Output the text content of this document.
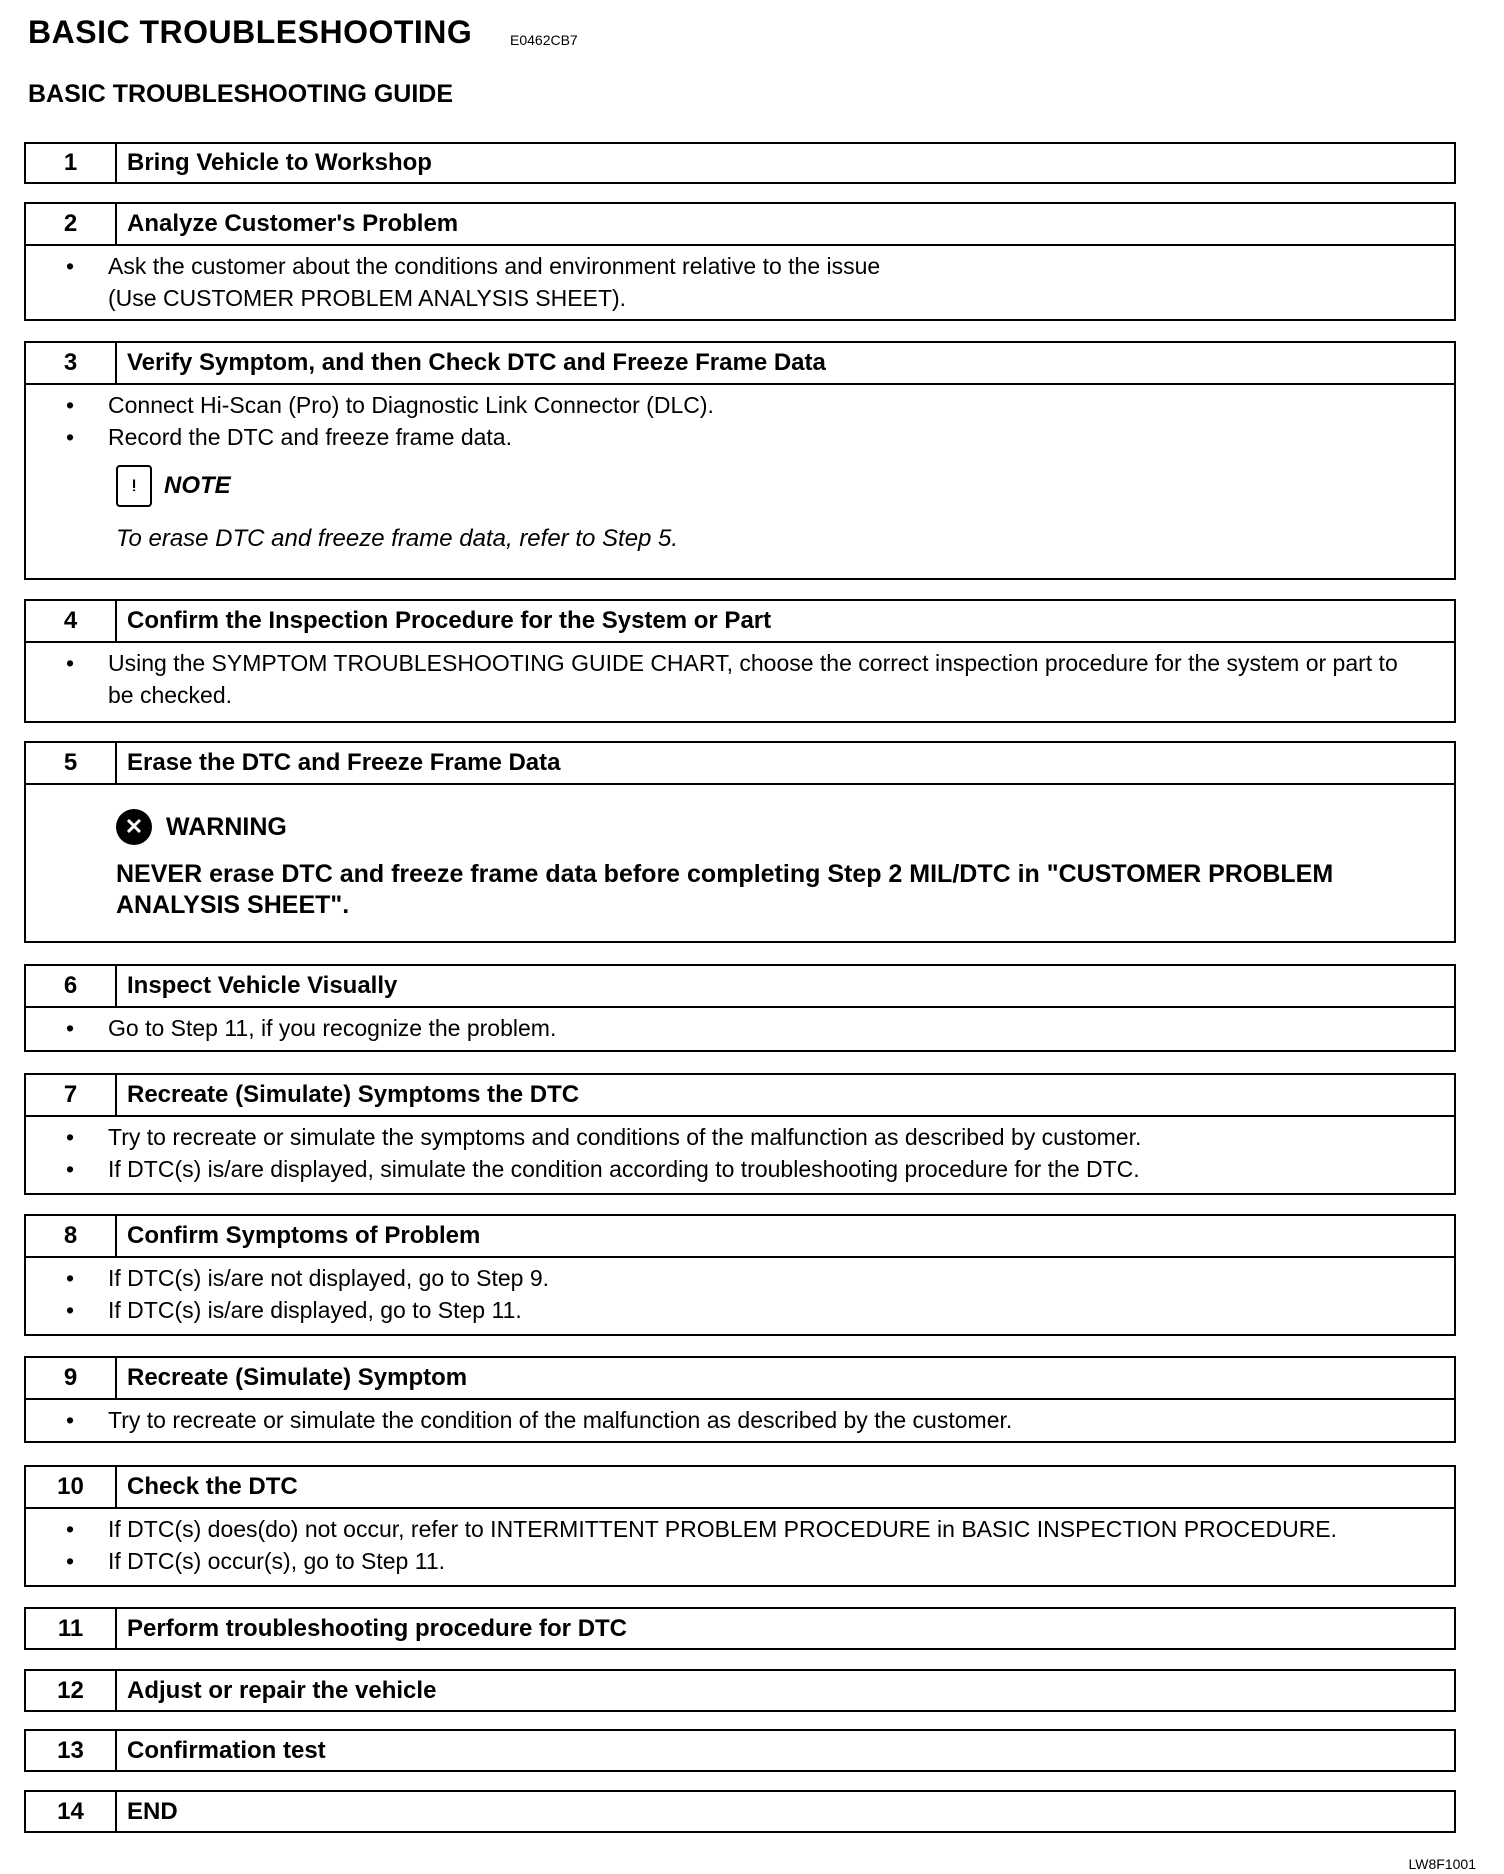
BASIC TROUBLESHOOTING	E0462CB7
BASIC TROUBLESHOOTING GUIDE
1	Bring Vehicle to Workshop
2	Analyze Customer's Problem
• Ask the customer about the conditions and environment relative to the issue
(Use CUSTOMER PROBLEM ANALYSIS SHEET).
3	Verify Symptom, and then Check DTC and Freeze Frame Data
• Connect Hi-Scan (Pro) to Diagnostic Link Connector (DLC).
• Record the DTC and freeze frame data.
ᵎ	NOTE
To erase DTC and freeze frame data, refer to Step 5.
4	Confirm the Inspection Procedure for the System or Part
• Using the SYMPTOM TROUBLESHOOTING GUIDE CHART, choose the correct inspection procedure for the system or part to be checked.
5	Erase the DTC and Freeze Frame Data
✕ WARNING
NEVER erase DTC and freeze frame data before completing Step 2 MIL/DTC in "CUSTOMER PROBLEM ANALYSIS SHEET".
6	Inspect Vehicle Visually
• Go to Step 11, if you recognize the problem.
7	Recreate (Simulate) Symptoms the DTC
• Try to recreate or simulate the symptoms and conditions of the malfunction as described by customer.
• If DTC(s) is/are displayed, simulate the condition according to troubleshooting procedure for the DTC.
8	Confirm Symptoms of Problem
• If DTC(s) is/are not displayed, go to Step 9.
• If DTC(s) is/are displayed, go to Step 11.
9	Recreate (Simulate) Symptom
• Try to recreate or simulate the condition of the malfunction as described by the customer.
10	Check the DTC
• If DTC(s) does(do) not occur, refer to INTERMITTENT PROBLEM PROCEDURE in BASIC INSPECTION PROCEDURE.
• If DTC(s) occur(s), go to Step 11.
11	Perform troubleshooting procedure for DTC
12	Adjust or repair the vehicle
13	Confirmation test
14	END
LW8F1001
